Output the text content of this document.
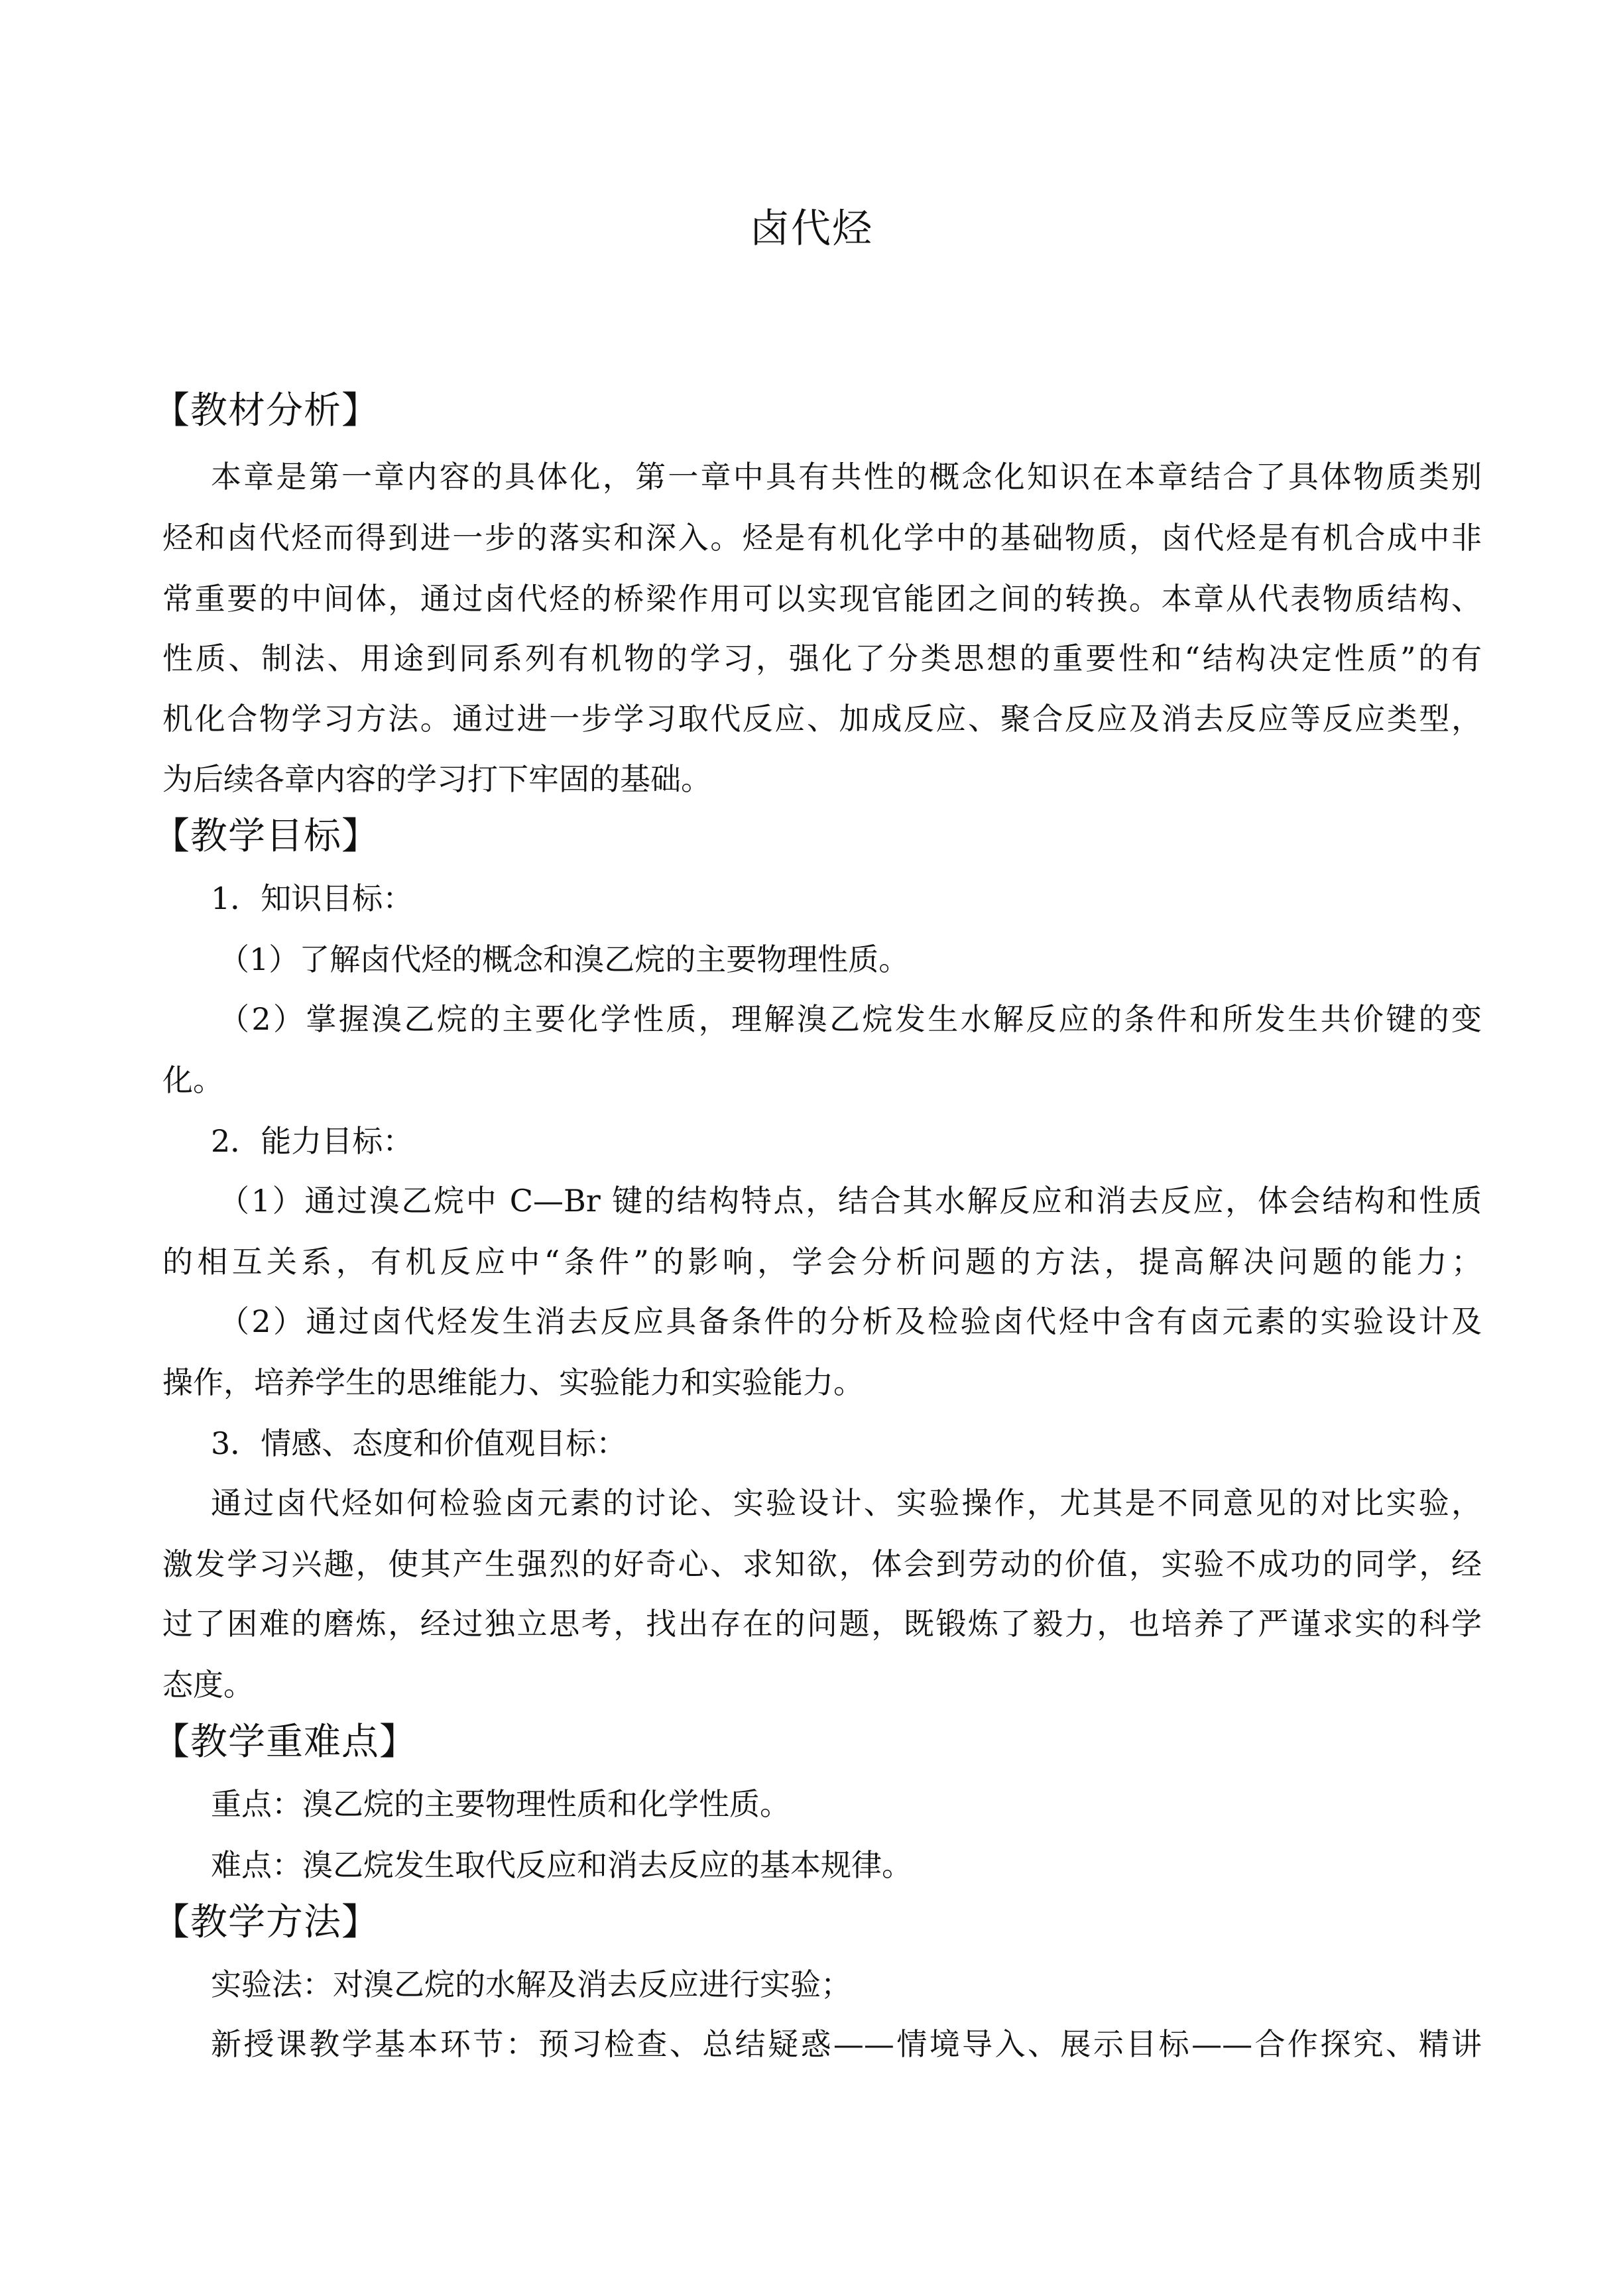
卤代烃
【教材分析】
本章是第一章内容的具体化，第一章中具有共性的概念化知识在本章结合了具体物质类别
烃和卤代烃而得到进一步的落实和深入。烃是有机化学中的基础物质，卤代烃是有机合成中非
常重要的中间体，通过卤代烃的桥梁作用可以实现官能团之间的转换。本章从代表物质结构、
性质、制法、用途到同系列有机物的学习，强化了分类思想的重要性和“结构决定性质”的有
机化合物学习方法。通过进一步学习取代反应、加成反应、聚合反应及消去反应等反应类型，
为后续各章内容的学习打下牢固的基础。
【教学目标】
1．知识目标：
（1）了解卤代烃的概念和溴乙烷的主要物理性质。
（2）掌握溴乙烷的主要化学性质，理解溴乙烷发生水解反应的条件和所发生共价键的变
化。
2．能力目标：
（1）通过溴乙烷中 C—Br 键的结构特点，结合其水解反应和消去反应，体会结构和性质
的相互关系，有机反应中“条件”的影响，学会分析问题的方法，提高解决问题的能力；
（2）通过卤代烃发生消去反应具备条件的分析及检验卤代烃中含有卤元素的实验设计及
操作，培养学生的思维能力、实验能力和实验能力。
3．情感、态度和价值观目标：
通过卤代烃如何检验卤元素的讨论、实验设计、实验操作，尤其是不同意见的对比实验，
激发学习兴趣，使其产生强烈的好奇心、求知欲，体会到劳动的价值，实验不成功的同学，经
过了困难的磨炼，经过独立思考，找出存在的问题，既锻炼了毅力，也培养了严谨求实的科学
态度。
【教学重难点】
重点：溴乙烷的主要物理性质和化学性质。
难点：溴乙烷发生取代反应和消去反应的基本规律。
【教学方法】
实验法：对溴乙烷的水解及消去反应进行实验；
新授课教学基本环节：预习检查、总结疑惑——情境导入、展示目标——合作探究、精讲
